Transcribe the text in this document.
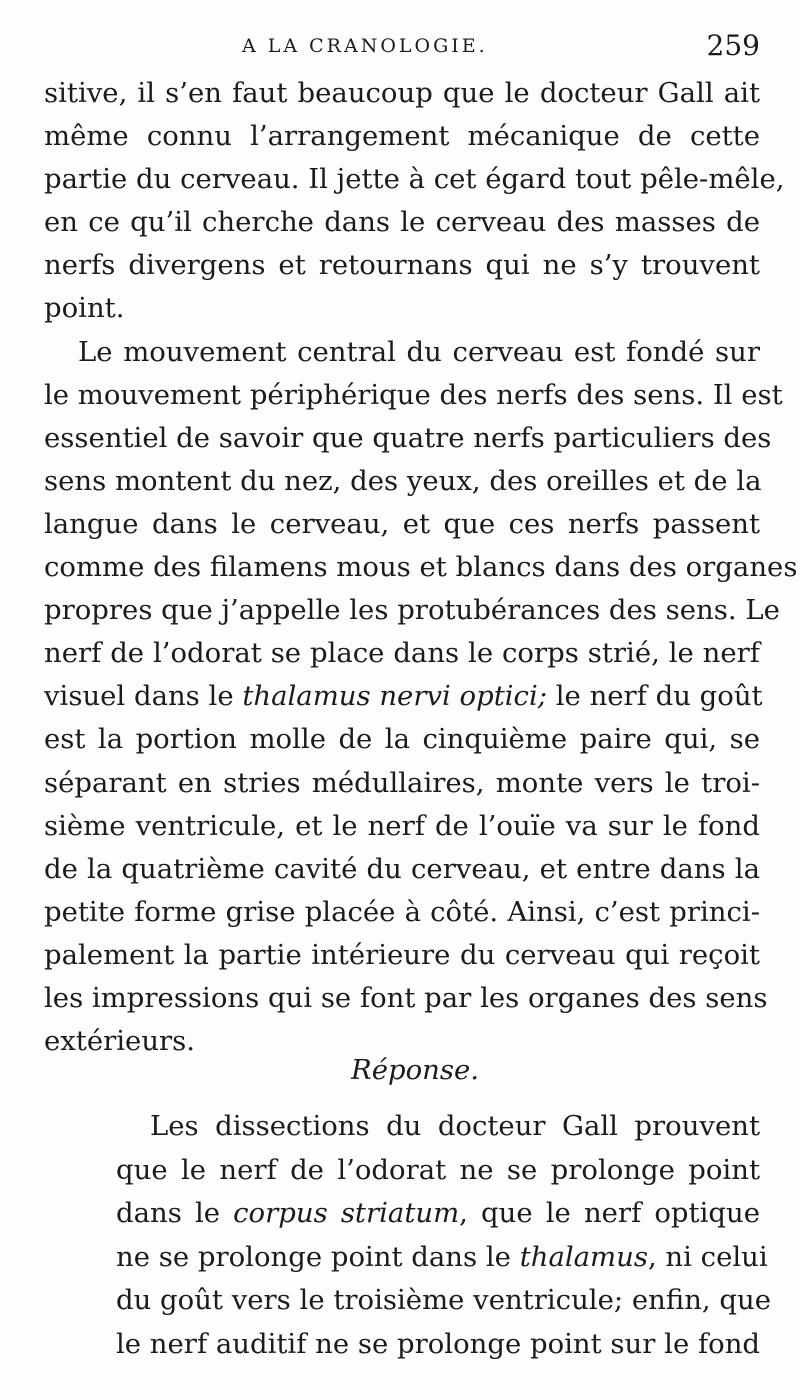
A LA CRANOLOGIE.	259
sitive, il s’en faut beaucoup que le docteur Gall ait
même connu l’arrangement mécanique de cette
partie du cerveau. Il jette à cet égard tout pêle-mêle,
en ce qu’il cherche dans le cerveau des masses de
nerfs divergens et retournans qui ne s’y trouvent
point.
Le mouvement central du cerveau est fondé sur
le mouvement périphérique des nerfs des sens. Il est
essentiel de savoir que quatre nerfs particuliers des
sens montent du nez, des yeux, des oreilles et de la
langue dans le cerveau, et que ces nerfs passent
comme des filamens mous et blancs dans des organes
propres que j’appelle les protubérances des sens. Le
nerf de l’odorat se place dans le corps strié, le nerf
visuel dans le thalamus nervi optici; le nerf du goût
est la portion molle de la cinquième paire qui, se
séparant en stries médullaires, monte vers le troi-
sième ventricule, et le nerf de l’ouïe va sur le fond
de la quatrième cavité du cerveau, et entre dans la
petite forme grise placée à côté. Ainsi, c’est princi-
palement la partie intérieure du cerveau qui reçoit
les impressions qui se font par les organes des sens
extérieurs.
Réponse.
Les dissections du docteur Gall prouvent
que le nerf de l’odorat ne se prolonge point
dans le corpus striatum, que le nerf optique
ne se prolonge point dans le thalamus, ni celui
du goût vers le troisième ventricule; enfin, que
le nerf auditif ne se prolonge point sur le fond
